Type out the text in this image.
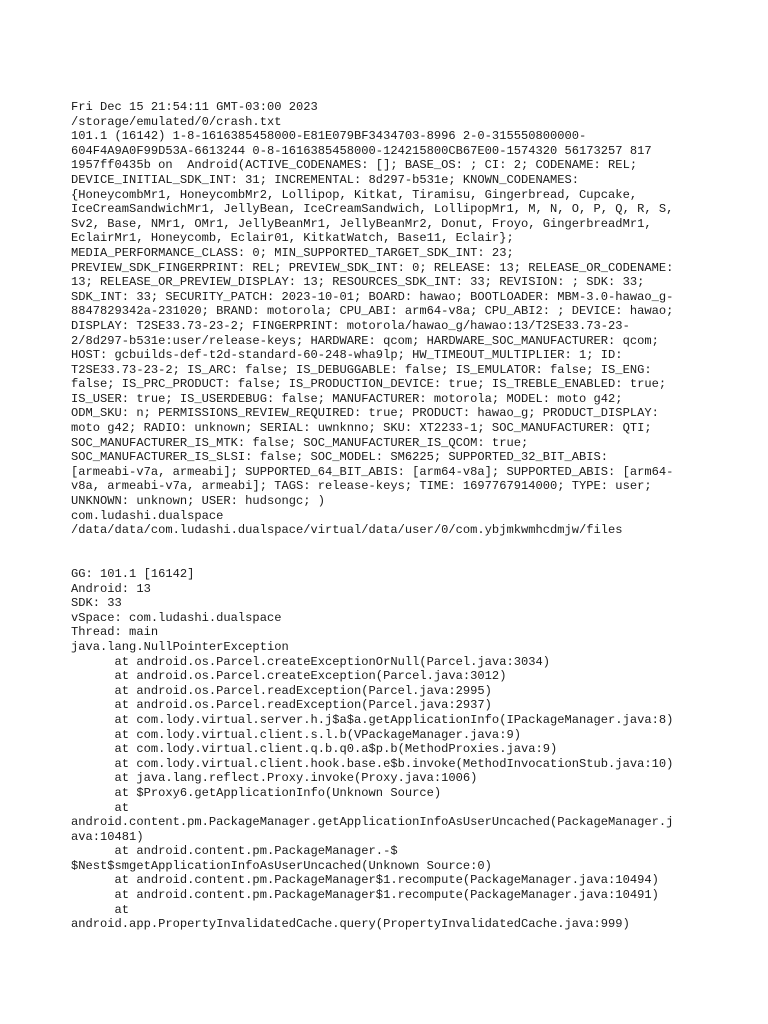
Fri Dec 15 21:54:11 GMT-03:00 2023
/storage/emulated/0/crash.txt
101.1 (16142) 1-8-1616385458000-E81E079BF3434703-8996 2-0-315550800000-
604F4A9A0F99D53A-6613244 0-8-1616385458000-124215800CB67E00-1574320 56173257 817
1957ff0435b on  Android(ACTIVE_CODENAMES: []; BASE_OS: ; CI: 2; CODENAME: REL;
DEVICE_INITIAL_SDK_INT: 31; INCREMENTAL: 8d297-b531e; KNOWN_CODENAMES:
{HoneycombMr1, HoneycombMr2, Lollipop, Kitkat, Tiramisu, Gingerbread, Cupcake,
IceCreamSandwichMr1, JellyBean, IceCreamSandwich, LollipopMr1, M, N, O, P, Q, R, S,
Sv2, Base, NMr1, OMr1, JellyBeanMr1, JellyBeanMr2, Donut, Froyo, GingerbreadMr1,
EclairMr1, Honeycomb, Eclair01, KitkatWatch, Base11, Eclair};
MEDIA_PERFORMANCE_CLASS: 0; MIN_SUPPORTED_TARGET_SDK_INT: 23;
PREVIEW_SDK_FINGERPRINT: REL; PREVIEW_SDK_INT: 0; RELEASE: 13; RELEASE_OR_CODENAME:
13; RELEASE_OR_PREVIEW_DISPLAY: 13; RESOURCES_SDK_INT: 33; REVISION: ; SDK: 33;
SDK_INT: 33; SECURITY_PATCH: 2023-10-01; BOARD: hawao; BOOTLOADER: MBM-3.0-hawao_g-
8847829342a-231020; BRAND: motorola; CPU_ABI: arm64-v8a; CPU_ABI2: ; DEVICE: hawao;
DISPLAY: T2SE33.73-23-2; FINGERPRINT: motorola/hawao_g/hawao:13/T2SE33.73-23-
2/8d297-b531e:user/release-keys; HARDWARE: qcom; HARDWARE_SOC_MANUFACTURER: qcom;
HOST: gcbuilds-def-t2d-standard-60-248-wha9lp; HW_TIMEOUT_MULTIPLIER: 1; ID:
T2SE33.73-23-2; IS_ARC: false; IS_DEBUGGABLE: false; IS_EMULATOR: false; IS_ENG:
false; IS_PRC_PRODUCT: false; IS_PRODUCTION_DEVICE: true; IS_TREBLE_ENABLED: true;
IS_USER: true; IS_USERDEBUG: false; MANUFACTURER: motorola; MODEL: moto g42;
ODM_SKU: n; PERMISSIONS_REVIEW_REQUIRED: true; PRODUCT: hawao_g; PRODUCT_DISPLAY:
moto g42; RADIO: unknown; SERIAL: uwnknno; SKU: XT2233-1; SOC_MANUFACTURER: QTI;
SOC_MANUFACTURER_IS_MTK: false; SOC_MANUFACTURER_IS_QCOM: true;
SOC_MANUFACTURER_IS_SLSI: false; SOC_MODEL: SM6225; SUPPORTED_32_BIT_ABIS:
[armeabi-v7a, armeabi]; SUPPORTED_64_BIT_ABIS: [arm64-v8a]; SUPPORTED_ABIS: [arm64-
v8a, armeabi-v7a, armeabi]; TAGS: release-keys; TIME: 1697767914000; TYPE: user;
UNKNOWN: unknown; USER: hudsongc; )
com.ludashi.dualspace
/data/data/com.ludashi.dualspace/virtual/data/user/0/com.ybjmkwmhcdmjw/files
GG: 101.1 [16142]
Android: 13
SDK: 33
vSpace: com.ludashi.dualspace
Thread: main
java.lang.NullPointerException
at android.os.Parcel.createExceptionOrNull(Parcel.java:3034)
at android.os.Parcel.createException(Parcel.java:3012)
at android.os.Parcel.readException(Parcel.java:2995)
at android.os.Parcel.readException(Parcel.java:2937)
at com.lody.virtual.server.h.j$a$a.getApplicationInfo(IPackageManager.java:8)
at com.lody.virtual.client.s.l.b(VPackageManager.java:9)
at com.lody.virtual.client.q.b.q0.a$p.b(MethodProxies.java:9)
at com.lody.virtual.client.hook.base.e$b.invoke(MethodInvocationStub.java:10)
at java.lang.reflect.Proxy.invoke(Proxy.java:1006)
at $Proxy6.getApplicationInfo(Unknown Source)
at
android.content.pm.PackageManager.getApplicationInfoAsUserUncached(PackageManager.j
ava:10481)
at android.content.pm.PackageManager.-$
$Nest$smgetApplicationInfoAsUserUncached(Unknown Source:0)
at android.content.pm.PackageManager$1.recompute(PackageManager.java:10494)
at android.content.pm.PackageManager$1.recompute(PackageManager.java:10491)
at
android.app.PropertyInvalidatedCache.query(PropertyInvalidatedCache.java:999)
